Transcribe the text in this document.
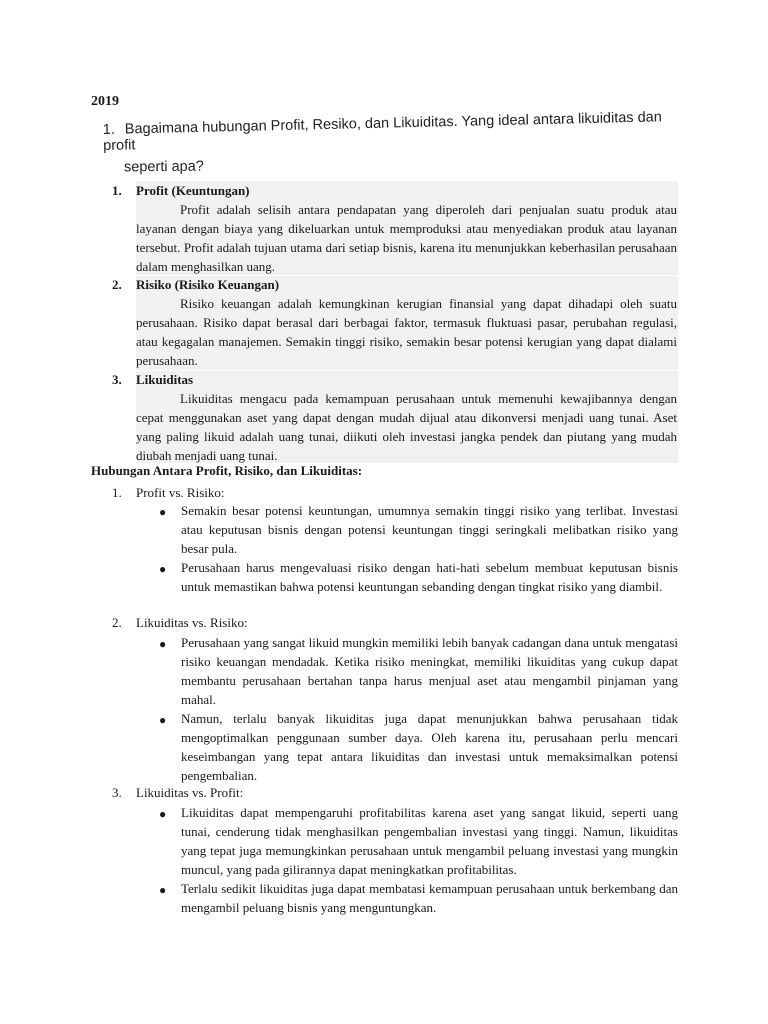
2019
1. Bagaimana hubungan Profit, Resiko, dan Likuiditas. Yang ideal antara likuiditas dan profit
seperti apa?
1. Profit (Keuntungan)
Profit adalah selisih antara pendapatan yang diperoleh dari penjualan suatu produk atau layanan dengan biaya yang dikeluarkan untuk memproduksi atau menyediakan produk atau layanan tersebut. Profit adalah tujuan utama dari setiap bisnis, karena itu menunjukkan keberhasilan perusahaan dalam menghasilkan uang.
2. Risiko (Risiko Keuangan)
Risiko keuangan adalah kemungkinan kerugian finansial yang dapat dihadapi oleh suatu perusahaan. Risiko dapat berasal dari berbagai faktor, termasuk fluktuasi pasar, perubahan regulasi, atau kegagalan manajemen. Semakin tinggi risiko, semakin besar potensi kerugian yang dapat dialami perusahaan.
3. Likuiditas
Likuiditas mengacu pada kemampuan perusahaan untuk memenuhi kewajibannya dengan cepat menggunakan aset yang dapat dengan mudah dijual atau dikonversi menjadi uang tunai. Aset yang paling likuid adalah uang tunai, diikuti oleh investasi jangka pendek dan piutang yang mudah diubah menjadi uang tunai.
Hubungan Antara Profit, Risiko, dan Likuiditas:
1. Profit vs. Risiko:
● Semakin besar potensi keuntungan, umumnya semakin tinggi risiko yang terlibat. Investasi atau keputusan bisnis dengan potensi keuntungan tinggi seringkali melibatkan risiko yang besar pula.
● Perusahaan harus mengevaluasi risiko dengan hati-hati sebelum membuat keputusan bisnis untuk memastikan bahwa potensi keuntungan sebanding dengan tingkat risiko yang diambil.
2. Likuiditas vs. Risiko:
● Perusahaan yang sangat likuid mungkin memiliki lebih banyak cadangan dana untuk mengatasi risiko keuangan mendadak. Ketika risiko meningkat, memiliki likuiditas yang cukup dapat membantu perusahaan bertahan tanpa harus menjual aset atau mengambil pinjaman yang mahal.
● Namun, terlalu banyak likuiditas juga dapat menunjukkan bahwa perusahaan tidak mengoptimalkan penggunaan sumber daya. Oleh karena itu, perusahaan perlu mencari keseimbangan yang tepat antara likuiditas dan investasi untuk memaksimalkan potensi pengembalian.
3. Likuiditas vs. Profit:
● Likuiditas dapat mempengaruhi profitabilitas karena aset yang sangat likuid, seperti uang tunai, cenderung tidak menghasilkan pengembalian investasi yang tinggi. Namun, likuiditas yang tepat juga memungkinkan perusahaan untuk mengambil peluang investasi yang mungkin muncul, yang pada gilirannya dapat meningkatkan profitabilitas.
● Terlalu sedikit likuiditas juga dapat membatasi kemampuan perusahaan untuk berkembang dan mengambil peluang bisnis yang menguntungkan.
